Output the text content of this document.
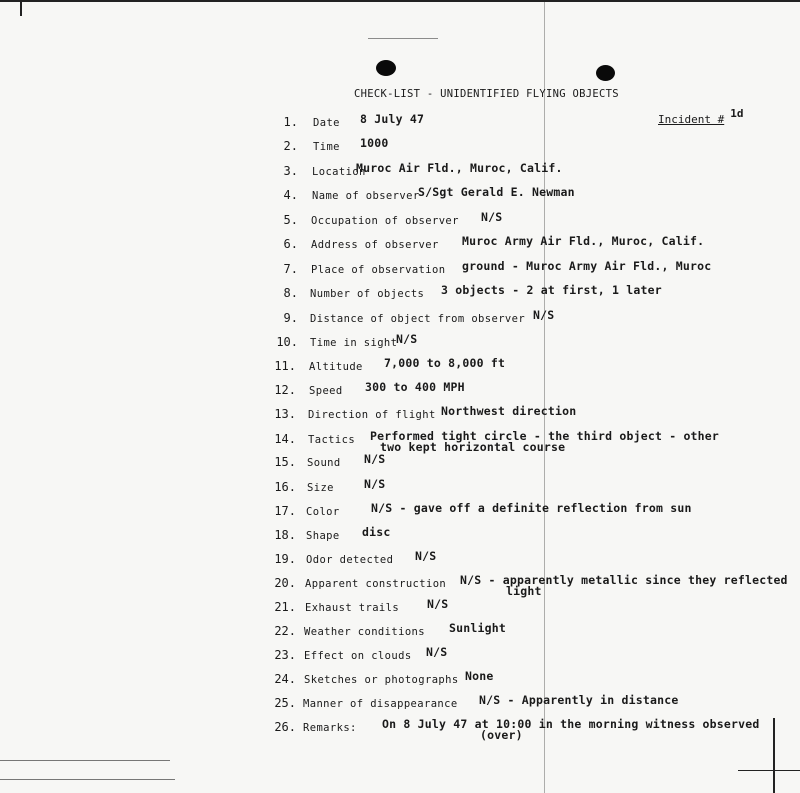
CHECK-LIST - UNIDENTIFIED FLYING OBJECTS
Incident # 1d
1. Date 8 July 47
2. Time 1000
3. Location
Muroc Air Fld., Muroc, Calif.
4. Name of observer
S/Sgt Gerald E. Newman
5. Occupation of observer N/S
6. Address of observer Muroc Army Air Fld., Muroc, Calif.
7. Place of observation ground - Muroc Army Air Fld., Muroc
8. Number of objects 3 objects - 2 at first, 1 later
9. Distance of object from observer N/S
10. Time in sight
N/S
11. Altitude 7,000 to 8,000 ft
12. Speed 300 to 400 MPH
13. Direction of flight Northwest direction
14. Tactics Performed tight circle - the third object - other
two kept horizontal course
15. Sound N/S
16. Size	N/S
17. Color	N/S - gave off a definite reflection from sun
18. Shape disc
19. Odor detected N/S
20. Apparent construction N/S - apparently metallic since they reflected
light
21. Exhaust trails N/S
22. Weather conditions Sunlight
23. Effect on clouds N/S
24. Sketches or photographs None
25. Manner of disappearance N/S - Apparently in distance
26. Remarks: On 8 July 47 at 10:00 in the morning witness observed
(over)
